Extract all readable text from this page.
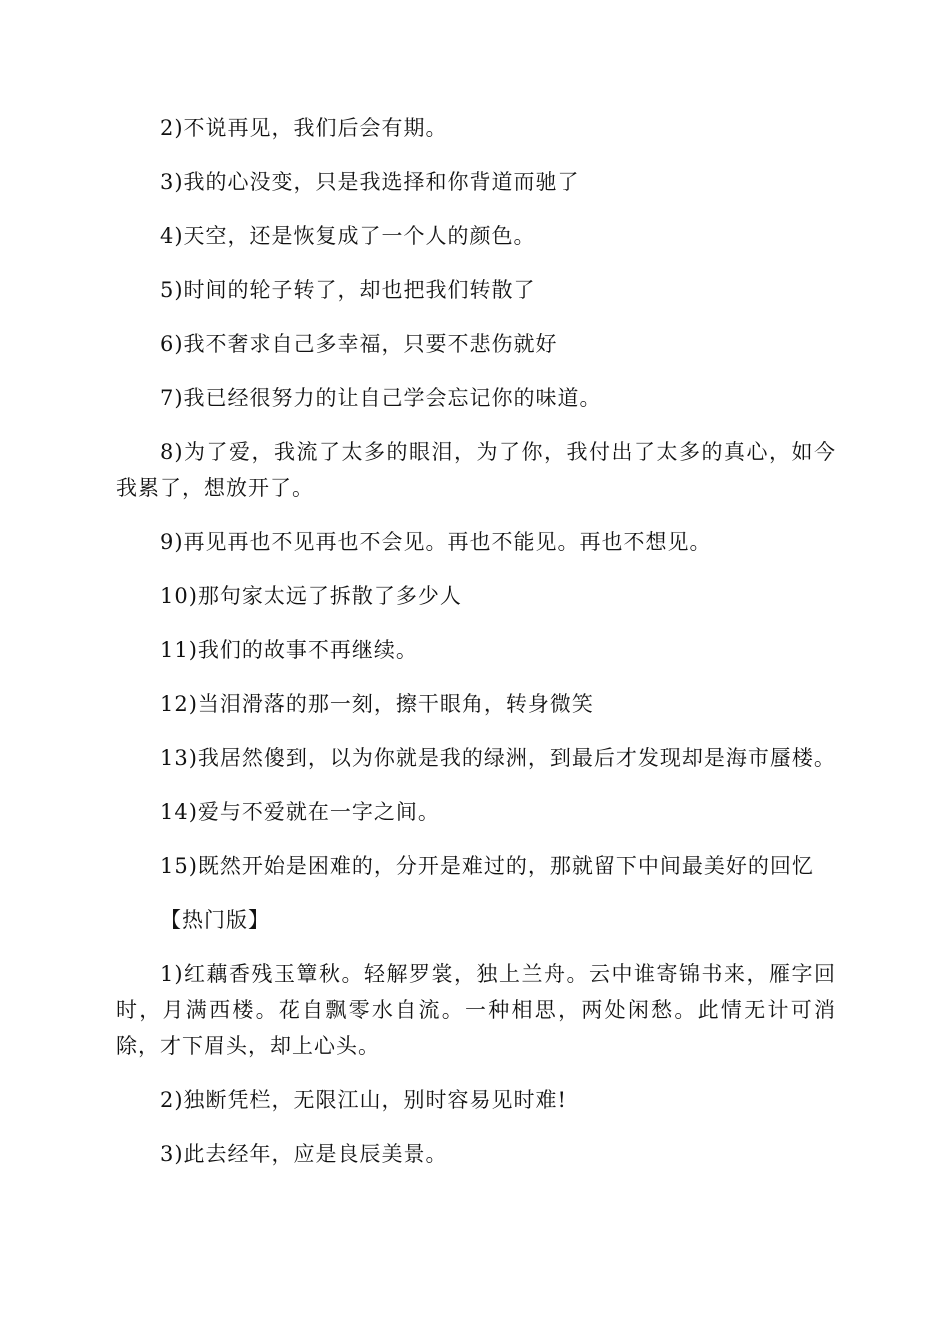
2)不说再见，我们后会有期。

3)我的心没变，只是我选择和你背道而驰了

4)天空，还是恢复成了一个人的颜色。

5)时间的轮子转了，却也把我们转散了

6)我不奢求自己多幸福，只要不悲伤就好

7)我已经很努力的让自己学会忘记你的味道。

8)为了爱，我流了太多的眼泪，为了你，我付出了太多的真心，如今我累了，想放开了。

9)再见再也不见再也不会见。再也不能见。再也不想见。

10)那句家太远了拆散了多少人

11)我们的故事不再继续。

12)当泪滑落的那一刻，擦干眼角，转身微笑

13)我居然傻到，以为你就是我的绿洲，到最后才发现却是海市蜃楼。

14)爱与不爱就在一字之间。

15)既然开始是困难的，分开是难过的，那就留下中间最美好的回忆

【热门版】

1)红藕香残玉簟秋。轻解罗裳，独上兰舟。云中谁寄锦书来，雁字回时，月满西楼。花自飘零水自流。一种相思，两处闲愁。此情无计可消除，才下眉头，却上心头。

2)独断凭栏，无限江山，别时容易见时难!

3)此去经年，应是良辰美景。
